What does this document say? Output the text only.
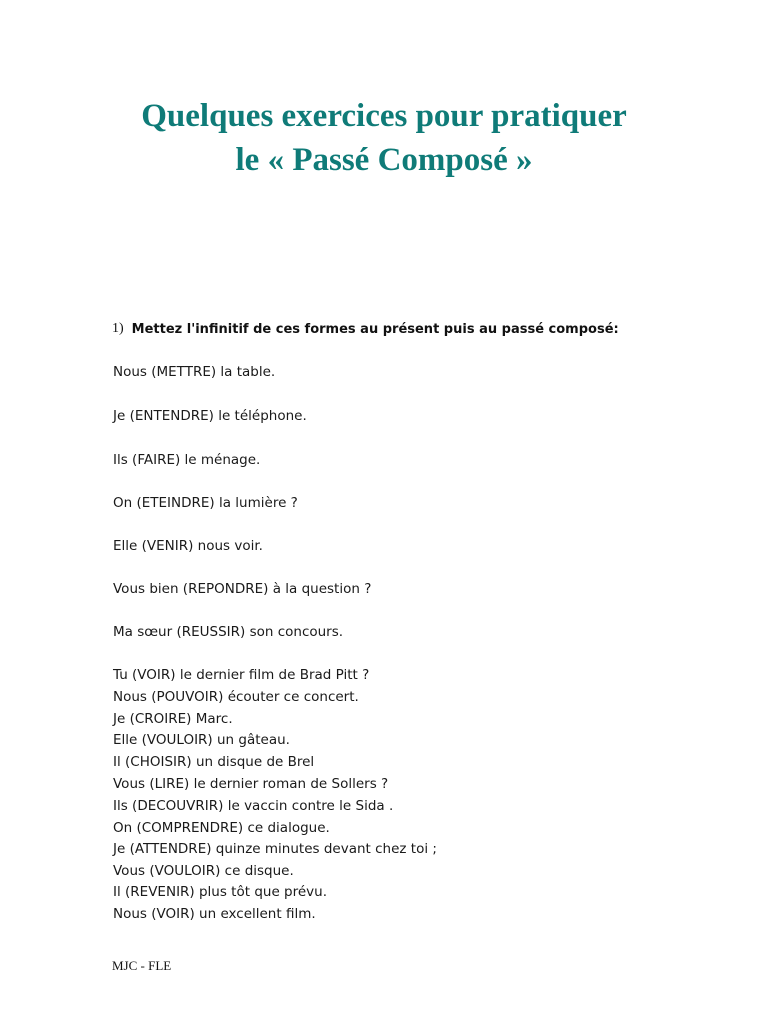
Quelques exercices pour pratiquer
le « Passé Composé »
1) Mettez l'infinitif de ces formes au présent puis au passé composé:
Nous (METTRE) la table.
Je (ENTENDRE) le téléphone.
Ils (FAIRE) le ménage.
On (ETEINDRE) la lumière ?
Elle (VENIR) nous voir.
Vous bien (REPONDRE) à la question ?
Ma sœur (REUSSIR) son concours.
Tu (VOIR) le dernier film de Brad Pitt ?
Nous (POUVOIR) écouter ce concert.
Je (CROIRE) Marc.
Elle (VOULOIR) un gâteau.
Il (CHOISIR) un disque de Brel
Vous (LIRE) le dernier roman de Sollers ?
Ils (DECOUVRIR) le vaccin contre le Sida .
On (COMPRENDRE) ce dialogue.
Je (ATTENDRE) quinze minutes devant chez toi ;
Vous (VOULOIR) ce disque.
Il (REVENIR) plus tôt que prévu.
Nous (VOIR) un excellent film.
MJC - FLE
